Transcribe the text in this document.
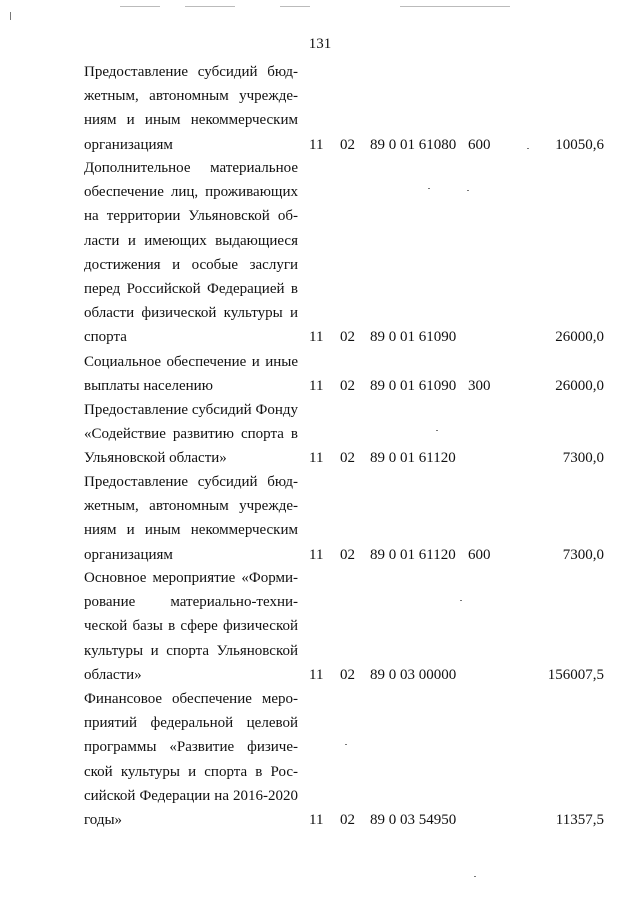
131
Предоставление субсидий бюд-
жетным, автономным учрежде-
ниям и иным некоммерческим
организациям	11 02 89 0 01 61080 600	10050,6
Дополнительное материальное
обеспечение лиц, проживающих
на территории Ульяновской об-
ласти и имеющих выдающиеся
достижения и особые заслуги
перед Российской Федерацией в
области физической культуры и
спорта	11 02 89 0 01 61090	26000,0
Социальное обеспечение и иные
выплаты населению	11 02 89 0 01 61090 300	26000,0
Предоставление субсидий Фонду
«Содействие развитию спорта в
Ульяновской области»	11 02 89 0 01 61120	7300,0
Предоставление субсидий бюд-
жетным, автономным учрежде-
ниям и иным некоммерческим
организациям	11 02 89 0 01 61120 600	7300,0
Основное мероприятие «Форми-
рование материально-техни-
ческой базы в сфере физической
культуры и спорта Ульяновской
области»	11 02 89 0 03 00000	156007,5
Финансовое обеспечение меро-
приятий федеральной целевой
программы «Развитие физиче-
ской культуры и спорта в Рос-
сийской Федерации на 2016-2020
годы»	11 02 89 0 03 54950	11357,5
